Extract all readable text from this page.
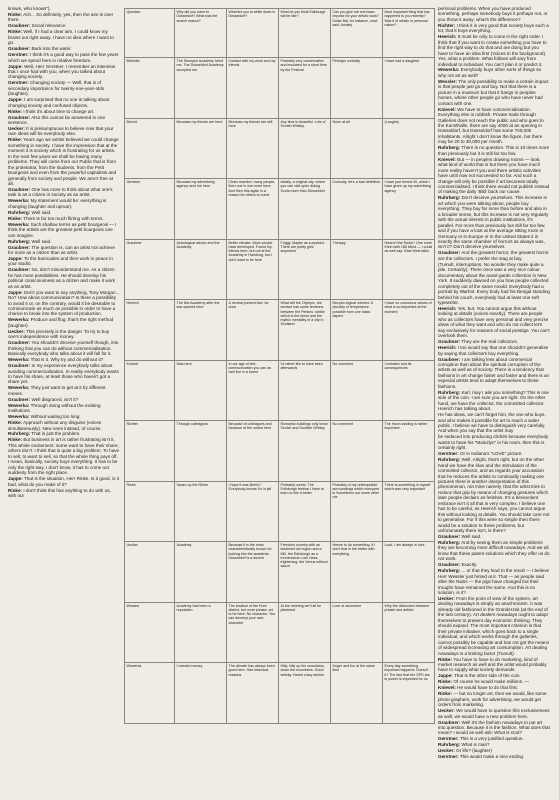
knows, who knows").

Rinke: Ach... So definitely, yes, then the aim is over there.

Graubner: Social relevance.

Rinke: Well, if I had a clear aim, I could know my brains out right away. I have no idea where I want to go.

Graubner: Back into the water.

Gerstner: I think it's a good way to pass the few years which we spend here in relative freedom.

Jappe: Well, Herr Gerstner, I remember an interview that I once had with you, when you talked about changing society.

Gerstner: Changing society — Well, that is of secondary importance for twenty-one-year-olds (laughter).

Jappe: I am surprised that no one is talking about changing society and confused objects.

Rinke: I think it's about time to change art.

Graubner: Also this cannot be answered in one sentence.

Uecker: It is presumptuous to believe now that your own ideas will be everybody else.

Rinke: Years ago we artists believed we could change something in society. I have the impression that at the moment it is society which is frustrating for us artists. In the next few years we shall be having many problems. They will come from our Public that is from the proletariat, from the students, from the Petit Bourgeois and even from the powerful capitalists and generally from society and people. We aren't free at all.

Graubner: One has more to think about what one's task is as a citizen in society as an artist.

Wewerka: My statement would be: everything is changing (laughter and uproar).

Ruhrberg: Well said.

Rinke: There is far too much flirting with terms.

Wewerka: Such shallow terms as petit bourgeois — I think the artists are the greatest petit bourgeois one can imagine.

Ruhrberg: Well said.

Graubner: The question is, can an artist not achieve for more as a citizen than as artist.

Jappe: To the barricades and then work in peace in your studio.

Graubner: No, don't misunderstand me. As a citizen he has more possibilities. He should develop his political consciousness as a citizen and make it work as an artist.

Jappe: Don't you want to say anything, Tony Morgan... No? How about communication? Is there a possibility to avoid it or, on the contrary, would it be desirable to communicate as much as possible in order to have a chance to break into the system of production.

Wewerka: Produce and flog, that's the right method (laughter).

Uecker: This precisely is the danger. To try to buy one's independence with money.

Graubner: You shouldn't deceive yourself though, into thinking that you can do without commercialisation. Basically everybody who talks about it will fall for it.

Wewerka: That is it. Why try and do without it?

Graubner: In my experience everybody talks about avoiding commercialisation. In reality everybody wants to have his share, at least those who haven't got a share yet.

Wewerka: They just want to get at it by different means.

Graubner: Well disgraced, isn't it?

Wewerka: Through doing without the existing institutions.

Wewerka: Without waiting too long.

Rinke: Approach without any disguise (voices simultaneously). New ones instead, of course.

Ruhrberg: That is just the problem.

Rinke: But business in art is rather frustrating isn't it. This whole excitement: some want to have their share, others don't. I think that is quite a big problem. To have to sell, to want to sell, so that the whole thing pays off. I mean, basically, society buys everything. It has to be only the right way, I don't know, it has to come out suddenly from the right place.

Jappe: That is the situation, Herr Rinke. Is it good, is it bad, what do you make of it?

Rinke: I don't think this has anything to do with us, with our

Question	Why did you come to Düsseldorf? What was the search reason?	What led you to settle down in Düsseldorf?	What do you think Edinburgh will be like?	Can you give me one basic impulse for your artistic work? Dollar Bat, for instance, once said: Anxiety	Most important thing that has happened to you recently? Was it of artistic or personal nature?
Böhmler	The Stumpen Academy hired me. The Düsseldorf Academy accepted me	Contact with my work and my friends	Probably very conservative and insulated for a short time by the Festival	Perhaps curiosity	I have had a daughter
Brecht	Because my friends are here	Because my friends are still here	Any time is beautiful. Lots of Scotch Whisky	None at all	(Laughs)
Gerstner	Because my advertising agency sent me here	Chain reaction: many people, then one is one more here. And then this again is a reason for others to come	Ideally, a original city, where you can visit open dialog Scots more than Düsseldorf	Curiosity: let's a bad definition	I have just turned 40, which I have given up my advertising agency
Graubner	Astrological advice and the Academy	Better climate. More people have developed. Found my friends here, but not at the Academy in Hamburg, but I don't want to be here	Foggy. Maybe as surprised. There are pretty girls anywhere	Therapy	Haven't the Rodin? One more Klein with 166 killed — I could as well say: East West talks
Heerich	The first Academy after the war opened here	A neutral present fact, for once	What will the Olympic, the surface has some tensions between the Perkins' rubble which is the tense and the mythic mentality of a city in Scotland	Morpho-logical interest. A plurality of temperance possible from one basic aspect	I have no conscious values of what is so important at the moment
Knievel	Was here	In our age of tele-communication you can as well live in a forest	I'd rather like to have been afterwards	No comment	Contrabiz and its consequences
Richter	Through colleagues	Because of colleagues and because of the unrest here	Romantic buildings only know Scotch and Scottish Whisky	No comment	The moon landing is rather important
Rinke	Swam up the Rhine	I hope it was Berlin? Everybody knows it's in jail	Probably unrest. The Edinburgh festival I have to learn to like it better	Probably of my untemptable surroundings which everyone is Sometimes nor some other me	There is something in myself which was very important
Uecker	Academy	Because it is the most characteristically known for looking into the academic Düsseldorf is a decent	Freedom country with an idealized old region and a Mill, the Edinburgh as a tremendous Loch Ness, frightening, the Venus without sauce	Hence to do something, if I don't that in the better with everything	Luck, I am always in love
Wessler	Academy had been a reputation	The location of the Ruhr district, but more please: art to be here. No character, You can develop your own character	At the meeting we'll all be plastered	Love of adventure	Why the distinction between private and artistic
Wewerka	I needed money	The climate has always been good here. Has historical reasons	Hilly, hilly up the mountains, down the mountains. Good whisky. Heard crazy stories	Anger and fun at the same time	Every day something important happens. Doesn't it? The fact that the SPD are in power is important for us

personal problems. When you have produced something, perhaps somebody buys it perhaps not, or you throw it away; what's the difference?

Richter: I think it is very good that society buys such a lot, that it buys everything.

Heerich: It must be only to come in the right order. I think that if you want to create something you have to find the right way to do that and are doing but you have to have an idea first (Voices in the background). Yes, what a problem. What follows will vary from individual to individual. You can't plan it or predict it.

Wewerka: Everybody buys other sorts of things so why not art as well?

Wessler: The only possibility to make a certain impact is that people just go and buy. Not that there is a picture in a museum but that it hangs in peoples homes, where other people go who have never had contact with one.

Knievel: We have to have commercialisation. Everything else is rubbish. Private trade through Galleries does not reach the public and who goes to the Kunsthalle, there are say 4000 at an opening in Düsseldorf, but Düsseldorf has some 700,000 inhabitants. Alright I don't know the figure, but there may be 20 to 30,000 per month.

Ruhrberg: There is no question. This is 10 times more than previously but it is still far too few.

Knievel: But — in peoples drawing rooms — look, what kind of world that is but there you have much more reality haven't you and there artistic activities have until now not succeeded so far. And such a change will only be possible if art becomes totally commercialised. I think there would not publish instead of making the daily 'Bild' back our cause.

Ruhrberg: Don't deceive yourselves. This increase in art which you were talking about, people buy everything. They buy far more than before and also in a broader sense, but this increase is not very regularly with the actual interest in public institutions, it's parallel. Far more than previously but still far too few, and if you have a look at the average sitting room in Germany or in Europe or in the United States it is exactly the same chamber of horrors as always was, isn't it? Don't deceive yourselves.

Graubner: And the greatest horror, the greatest horror are the collectors. I prefer the stag at bay.

(Tumult, interruptions. No wonder they make quite a pile. Certainly). There once was a very nice colour documentary about the avant-garde collection in New York. It suddenly dawned on you how people collected completely out of the same mould. Everybody had a portrait by Warhol. Every body had his Bengal standing behind his couch, everybody had at least one soft typewriter.

Heerich: Yes, but. You cannot argue this without looking at details (voices exactly). There are people who as collectors have very personal and very precise ideas of what they want and who do not collect let's say exclusively for reasons of social prestige. You can't overlook them.

Graubner: They are the real collectors.

Heerich: I too would say that one shouldn't generalise by saying that collectors buy everything.

Graubner: I am talking less about commercial corruption than about the spiritual corruption of the artists as well as of society. There is a tendency that fashions in art change faster and faster and there is an especial artists tend to adapt themselves to these fashions.

Ruhrberg: Karl, may I ask you something? This is one side of the coin. I am sure you are right. On the other hand, we have the collector, the committed collector. Heerich has talking about.

He has ideas, we can't forget him, the one who buys, and who makes it possible for art to reach a wider public. I believe we have to distinguish very carefully. And when you say that the artist may

be seduced into producing clichés because everybody wants to have his "Mainzlyn" in his room, then this is certainly right.

Gerstner: Or in Indiana's "LOVE" picture.

Ruhrberg: Well, Alright, that's right, but on the other hand we have the élan and the stimulation of the committed collector, and as regards your accusation that he reduces the artists to continually making one pictures there is another interpretation of this phenomenon, not mine namely, that the artist tries to reduce that grip by means of changing gestures which later people declaim as fetishes. It's a benevolent embrace isn't it all that is very complex. I believe one has to be careful, as Heerich says, you cannot argue this without looking at details. You should take care not to generalise. For if this were so simple then there would be a solution to these problems, but unfortunately there isn't, is there?

Graubner: Well said.

Ruhrberg: And by seeing them as simple problems they are becoming more difficult nowadays. And we all know that these patent solutions which they offer us do not work.

Graubner: Exactly.

Ruhrberg: ... or that they lead to the result — I believe Herr Wessler just hinted at it. That — as people said after the Nazis — the pigs have changed but their troughs have remained the same. And this is no solution, is it?

Uecker: From the point of view of the system, art dealing nowadays is simply an anachronism. It was already old fashioned in the Gründerzeit (at the end of the last century). Art dealers nowadays ought to adapt themselves to present day economic thinking. They should expand. The most important criterion is that their private initiative, which goes back to a single individual, and which works through the galleries, cannot possibly be capable and has not got the means of widespread increasing art consumption. Art dealing nowadays is a limiting factor (Tumult).

Rinke: You have to have to do marketing, kind of market research as well and the artist would probably have to supply what society demands.

Jappe: That is the other side of the coin.

Rinke: Of course he would make millions. —

Knievel: He would have to do that first.

Rinke: — but no longer art, then we would, like some photo-graphers, work for advertising, we would get orders from marketing.

Uecker: We would have to question this exclusiveness as well, we would have a new problem here.

Graubner: Well it's the fashion nowadays to put art into question. Because it is the fashion. What does that mean? I would as well ask: What is God?

Gerstner: This is a very justified question.

Ruhrberg: What is man?

Uecker: Or life? (laughter)

Gerstner: This would make a nice ending.
